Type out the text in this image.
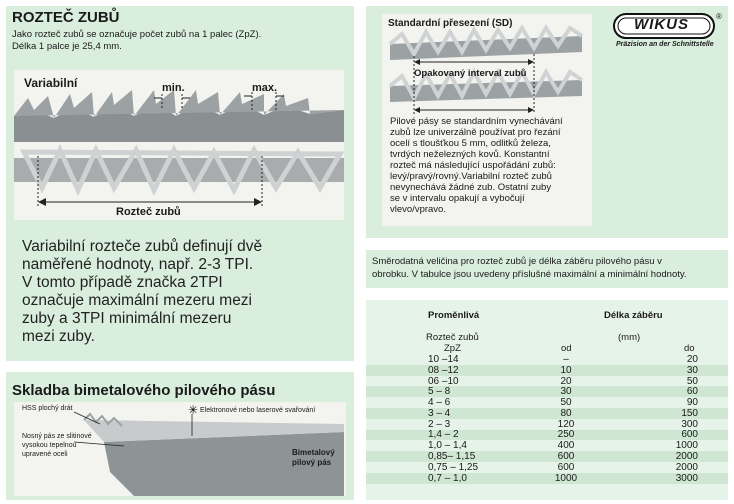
ROZTEČ ZUBŮ
Jako rozteč zubů se označuje počet zubů na 1 palec (ZpZ).
Délka 1 palce je 25,4 mm.
Variabilní	min.	max.
Rozteč zubů
Variabilní rozteče zubů definují dvě
naměřené hodnoty, např. 2-3 TPI.
V tomto případě značka 2TPI
označuje maximální mezeru mezi
zuby a 3TPI minimální mezeru
mezi zuby.
Standardní přesezení (SD)
Opakovaný interval zubů
Pilové pásy se standardním vynechávání
zubů lze univerzálně používat pro řezání
ocelí s tloušťkou 5 mm, odlitků železa,
tvrdých neželezných kovů. Konstantní
rozteč má následující uspořádání zubů:
levý/pravý/rovný.Variabilní rozteč zubů
nevynechává žádné zub. Ostatní zuby
se v intervalu opakují a vybočují
vlevo/vpravo.
WIKUS	®
Präzision an der Schnittstelle
Směrodatná veličina pro rozteč zubů je délka záběru pilového pásu v
obrobku. V tabulce jsou uvedeny příslušné maximální a minimální hodnoty.
Proměnlivá	Délka záběru
(mm)
Rozteč zubů
ZpZ	od	do
10 –14	–	20
08 –12	10	30
06 –10	20	50
5 – 8	30	60
4 – 6	50	90
3 – 4	80	150
2 – 3	120	300
1,4 – 2	250	600
1,0 – 1,4	400	1000
0,85– 1,15	600	2000
0,75 – 1,25	600	2000
0,7 – 1,0	1000	3000
Skladba bimetalového pilového pásu
✳
HSS plochý drát	Elektronové nebo laserové svařování
Nosný pás ze slitinové
vysokou tepelnou
upravené oceli	Bimetalový
pilový pás
